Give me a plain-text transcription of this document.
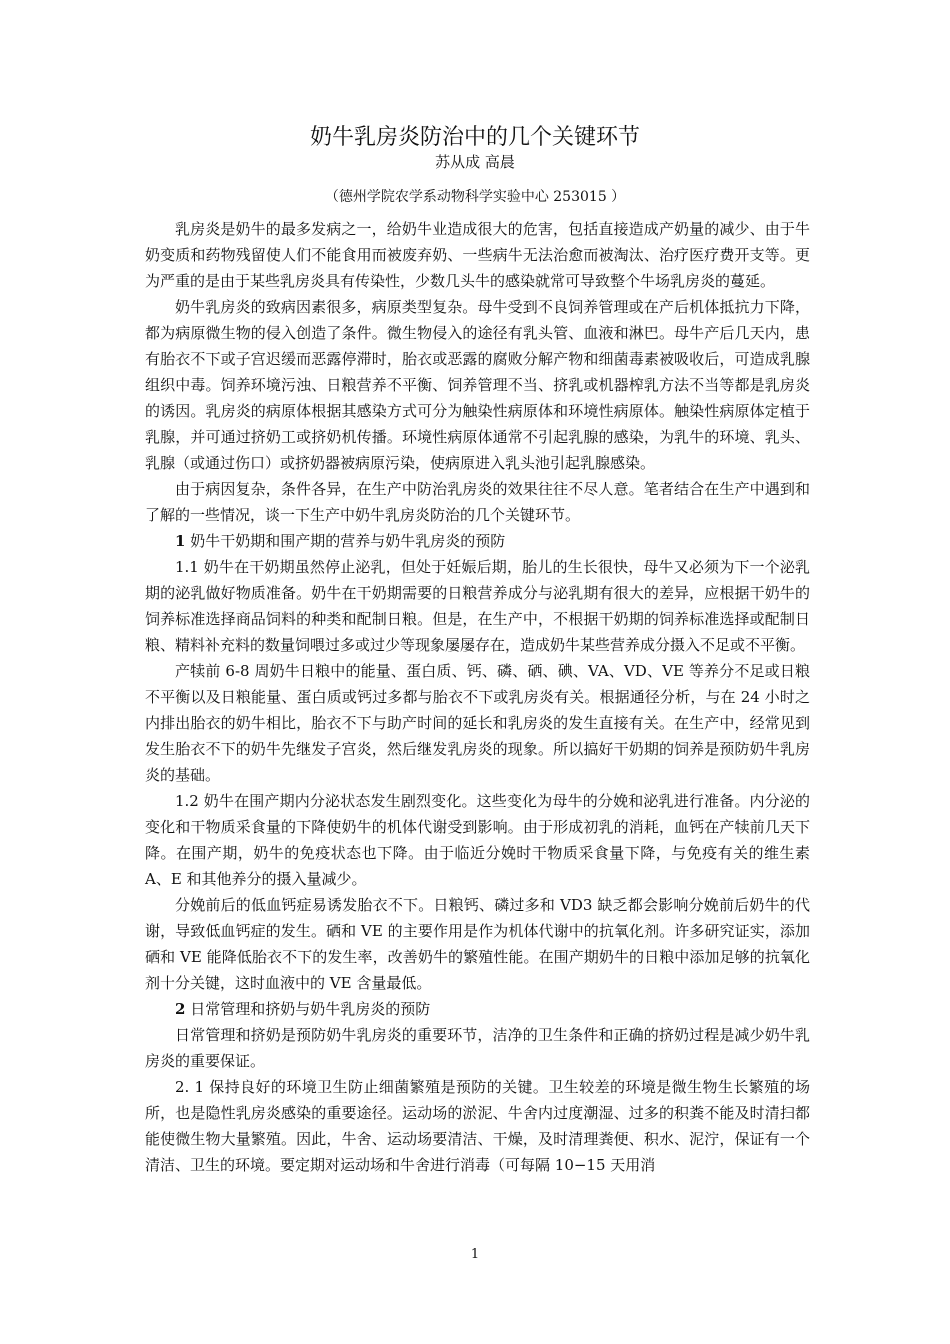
奶牛乳房炎防治中的几个关键环节
苏从成 高晨
（德州学院农学系动物科学实验中心 253015 ）

乳房炎是奶牛的最多发病之一，给奶牛业造成很大的危害，包括直接造成产奶量的减少、由于牛奶变质和药物残留使人们不能食用而被废弃奶、一些病牛无法治愈而被淘汰、治疗医疗费开支等。更为严重的是由于某些乳房炎具有传染性，少数几头牛的感染就常可导致整个牛场乳房炎的蔓延。

奶牛乳房炎的致病因素很多，病原类型复杂。母牛受到不良饲养管理或在产后机体抵抗力下降，都为病原微生物的侵入创造了条件。微生物侵入的途径有乳头管、血液和淋巴。母牛产后几天内，患有胎衣不下或子宫迟缓而恶露停滞时，胎衣或恶露的腐败分解产物和细菌毒素被吸收后，可造成乳腺组织中毒。饲养环境污浊、日粮营养不平衡、饲养管理不当、挤乳或机器榨乳方法不当等都是乳房炎的诱因。乳房炎的病原体根据其感染方式可分为触染性病原体和环境性病原体。触染性病原体定植于乳腺，并可通过挤奶工或挤奶机传播。环境性病原体通常不引起乳腺的感染，为乳牛的环境、乳头、乳腺（或通过伤口）或挤奶器被病原污染，使病原进入乳头池引起乳腺感染。

由于病因复杂，条件各异，在生产中防治乳房炎的效果往往不尽人意。笔者结合在生产中遇到和了解的一些情况，谈一下生产中奶牛乳房炎防治的几个关键环节。

1 奶牛干奶期和围产期的营养与奶牛乳房炎的预防

1.1 奶牛在干奶期虽然停止泌乳，但处于妊娠后期，胎儿的生长很快，母牛又必须为下一个泌乳期的泌乳做好物质准备。奶牛在干奶期需要的日粮营养成分与泌乳期有很大的差异，应根据干奶牛的饲养标准选择商品饲料的种类和配制日粮。但是，在生产中，不根据干奶期的饲养标准选择或配制日粮、精料补充料的数量饲喂过多或过少等现象屡屡存在，造成奶牛某些营养成分摄入不足或不平衡。

产犊前 6-8 周奶牛日粮中的能量、蛋白质、钙、磷、硒、碘、VA、VD、VE 等养分不足或日粮不平衡以及日粮能量、蛋白质或钙过多都与胎衣不下或乳房炎有关。根据通径分析，与在 24 小时之内排出胎衣的奶牛相比，胎衣不下与助产时间的延长和乳房炎的发生直接有关。在生产中，经常见到发生胎衣不下的奶牛先继发子宫炎，然后继发乳房炎的现象。所以搞好干奶期的饲养是预防奶牛乳房炎的基础。

1.2 奶牛在围产期内分泌状态发生剧烈变化。这些变化为母牛的分娩和泌乳进行准备。内分泌的变化和干物质采食量的下降使奶牛的机体代谢受到影响。由于形成初乳的消耗，血钙在产犊前几天下降。在围产期，奶牛的免疫状态也下降。由于临近分娩时干物质采食量下降，与免疫有关的维生素 A、E 和其他养分的摄入量减少。

分娩前后的低血钙症易诱发胎衣不下。日粮钙、磷过多和 VD3 缺乏都会影响分娩前后奶牛的代谢，导致低血钙症的发生。硒和 VE 的主要作用是作为机体代谢中的抗氧化剂。许多研究证实，添加硒和 VE 能降低胎衣不下的发生率，改善奶牛的繁殖性能。在围产期奶牛的日粮中添加足够的抗氧化剂十分关键，这时血液中的 VE 含量最低。

2 日常管理和挤奶与奶牛乳房炎的预防

日常管理和挤奶是预防奶牛乳房炎的重要环节，洁净的卫生条件和正确的挤奶过程是减少奶牛乳房炎的重要保证。

2. 1 保持良好的环境卫生防止细菌繁殖是预防的关键。卫生较差的环境是微生物生长繁殖的场所，也是隐性乳房炎感染的重要途径。运动场的淤泥、牛舍内过度潮湿、过多的积粪不能及时清扫都能使微生物大量繁殖。因此，牛舍、运动场要清洁、干燥，及时清理粪便、积水、泥泞，保证有一个清洁、卫生的环境。要定期对运动场和牛舍进行消毒（可每隔 10−15 天用消

1
